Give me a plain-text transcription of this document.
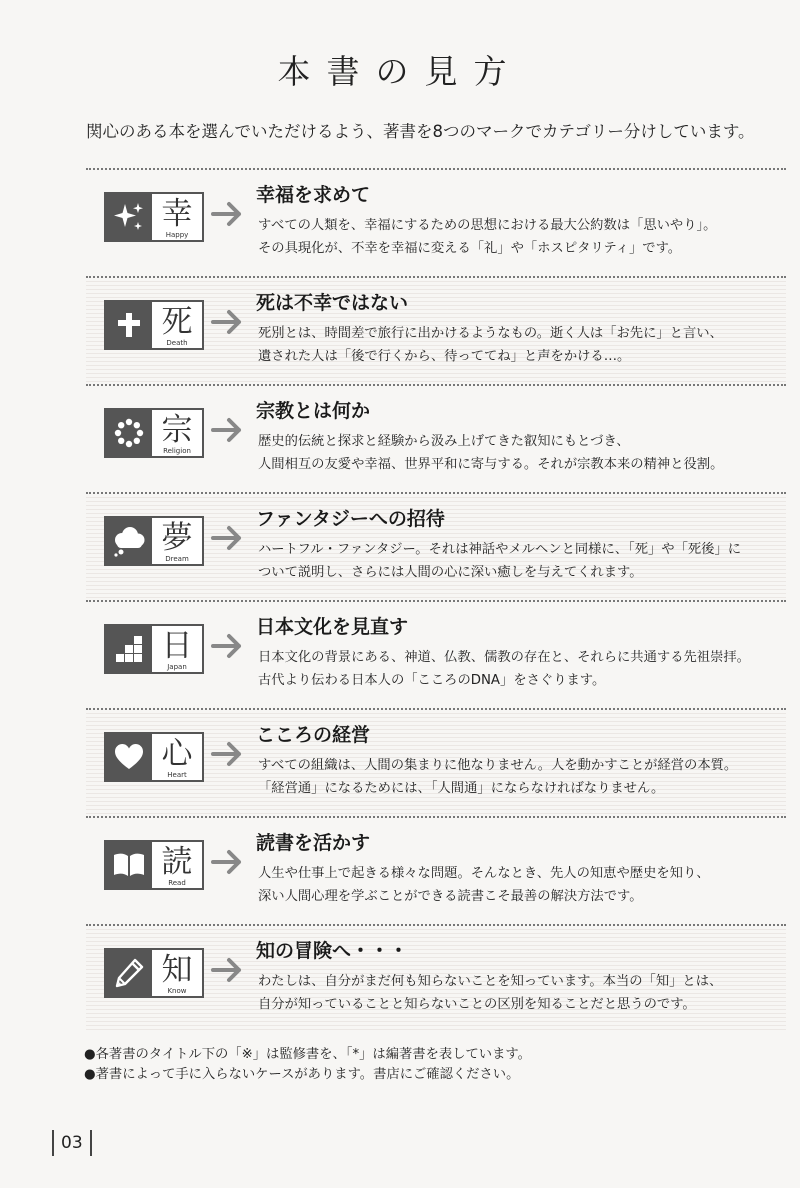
本書の見方
関心のある本を選んでいただけるよう、著書を8つのマークでカテゴリー分けしています。
幸
Happy
幸福を求めて
すべての人類を、幸福にするための思想における最大公約数は「思いやり」。
その具現化が、不幸を幸福に変える「礼」や「ホスピタリティ」です。
死
Death
死は不幸ではない
死別とは、時間差で旅行に出かけるようなもの。逝く人は「お先に」と言い、
遺された人は「後で行くから、待っててね」と声をかける…。
宗
Religion
宗教とは何か
歴史的伝統と探求と経験から汲み上げてきた叡知にもとづき、
人間相互の友愛や幸福、世界平和に寄与する。それが宗教本来の精神と役割。
夢
Dream
ファンタジーへの招待
ハートフル・ファンタジー。それは神話やメルヘンと同様に、「死」や「死後」に
ついて説明し、さらには人間の心に深い癒しを与えてくれます。
日
Japan
日本文化を見直す
日本文化の背景にある、神道、仏教、儒教の存在と、それらに共通する先祖崇拝。
古代より伝わる日本人の「こころのDNA」をさぐります。
心
Heart
こころの経営
すべての組織は、人間の集まりに他なりません。人を動かすことが経営の本質。
「経営通」になるためには、「人間通」にならなければなりません。
読
Read
読書を活かす
人生や仕事上で起きる様々な問題。そんなとき、先人の知恵や歴史を知り、
深い人間心理を学ぶことができる読書こそ最善の解決方法です。
知
Know
知の冒険へ・・・
わたしは、自分がまだ何も知らないことを知っています。本当の「知」とは、
自分が知っていることと知らないことの区別を知ることだと思うのです。
●各著書のタイトル下の「※」は監修書を、「*」は編著書を表しています。
●著書によって手に入らないケースがあります。書店にご確認ください。
03
